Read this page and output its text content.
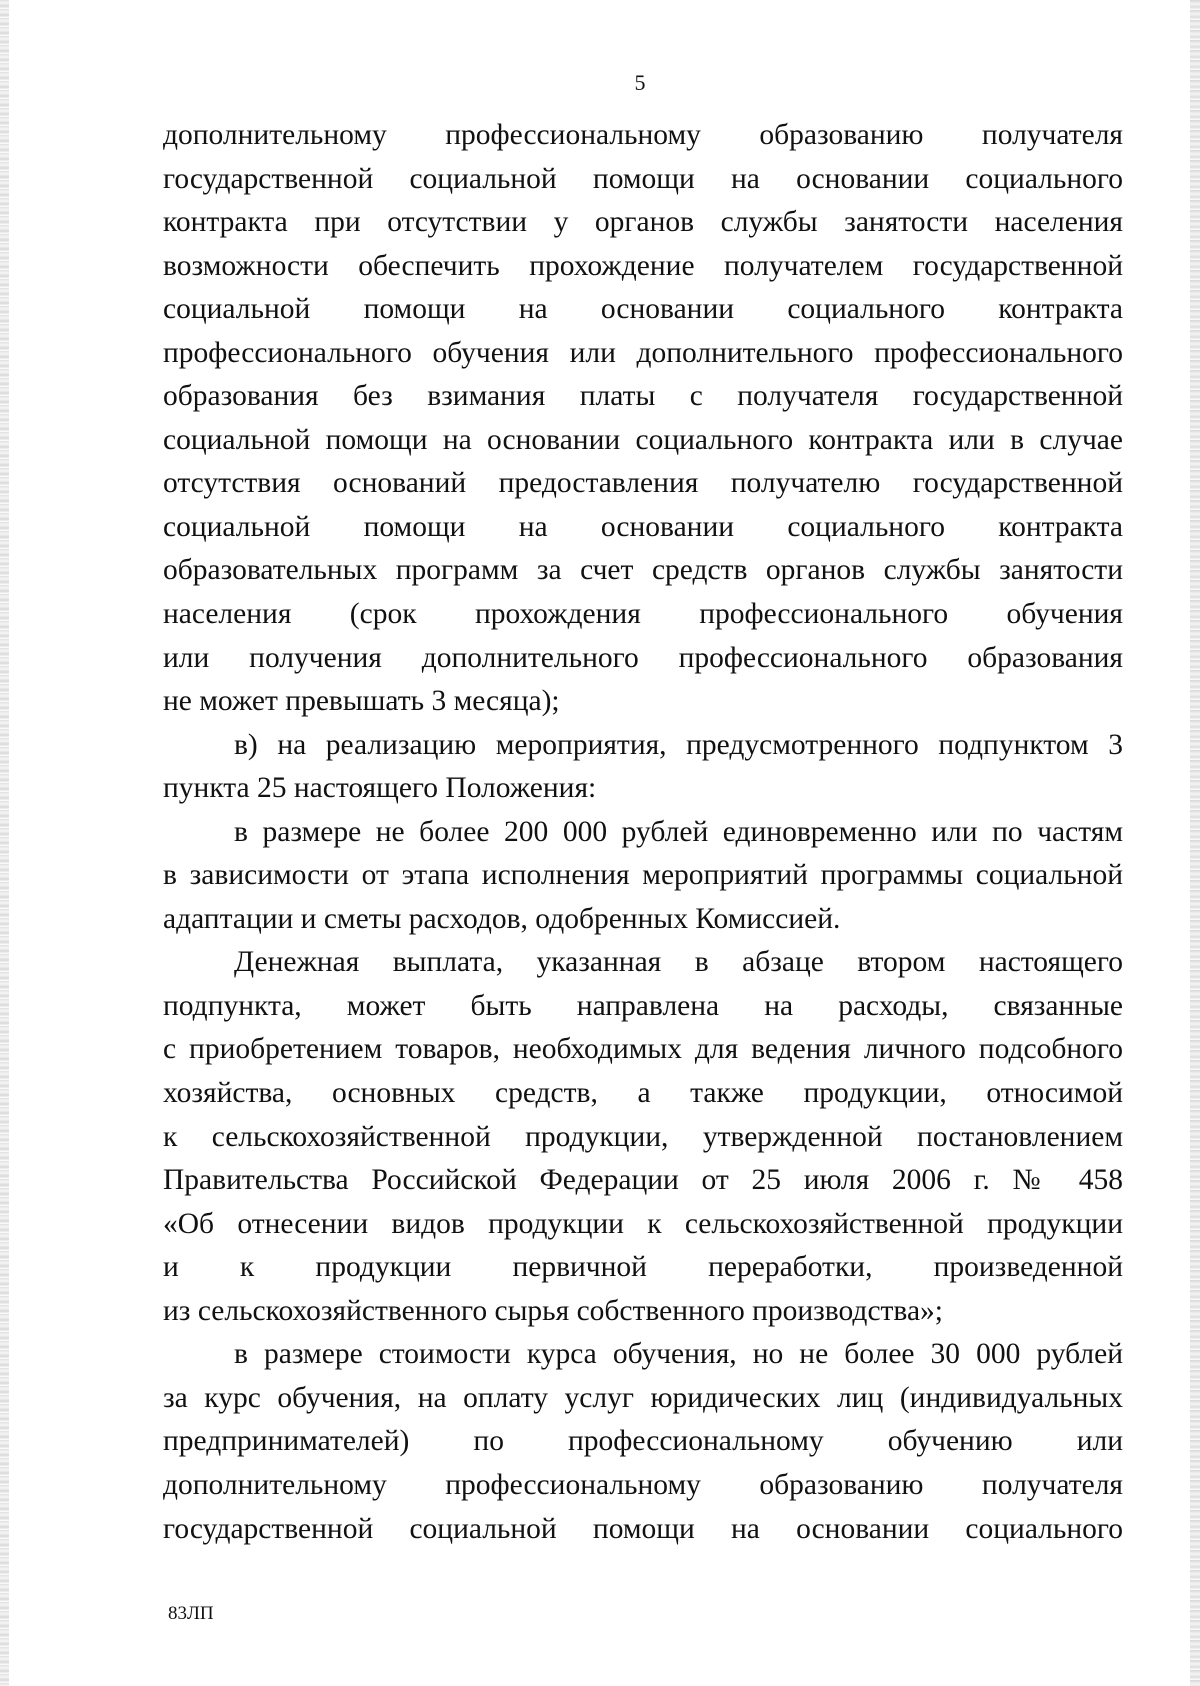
5

дополнительному профессиональному образованию получателя

государственной социальной помощи на основании социального

контракта при отсутствии у органов службы занятости населения

возможности обеспечить прохождение получателем государственной

социальной помощи на основании социального контракта

профессионального обучения или дополнительного профессионального

образования без взимания платы с получателя государственной

социальной помощи на основании социального контракта или в случае

отсутствия оснований предоставления получателю государственной

социальной помощи на основании социального контракта

образовательных программ за счет средств органов службы занятости

населения (срок прохождения профессионального обучения

или получения дополнительного профессионального образования

не может превышать 3 месяца);

в) на реализацию мероприятия, предусмотренного подпунктом 3

пункта 25 настоящего Положения:

в размере не более 200 000 рублей единовременно или по частям

в зависимости от этапа исполнения мероприятий программы социальной

адаптации и сметы расходов, одобренных Комиссией.

Денежная выплата, указанная в абзаце втором настоящего

подпункта, может быть направлена на расходы, связанные

с приобретением товаров, необходимых для ведения личного подсобного

хозяйства, основных средств, а также продукции, относимой

к сельскохозяйственной продукции, утвержденной постановлением

Правительства Российской Федерации от 25 июля 2006 г. № 458

«Об отнесении видов продукции к сельскохозяйственной продукции

и к продукции первичной переработки, произведенной

из сельскохозяйственного сырья собственного производства»;

в размере стоимости курса обучения, но не более 30 000 рублей

за курс обучения, на оплату услуг юридических лиц (индивидуальных

предпринимателей) по профессиональному обучению или

дополнительному профессиональному образованию получателя

государственной социальной помощи на основании социального

83ЛП
